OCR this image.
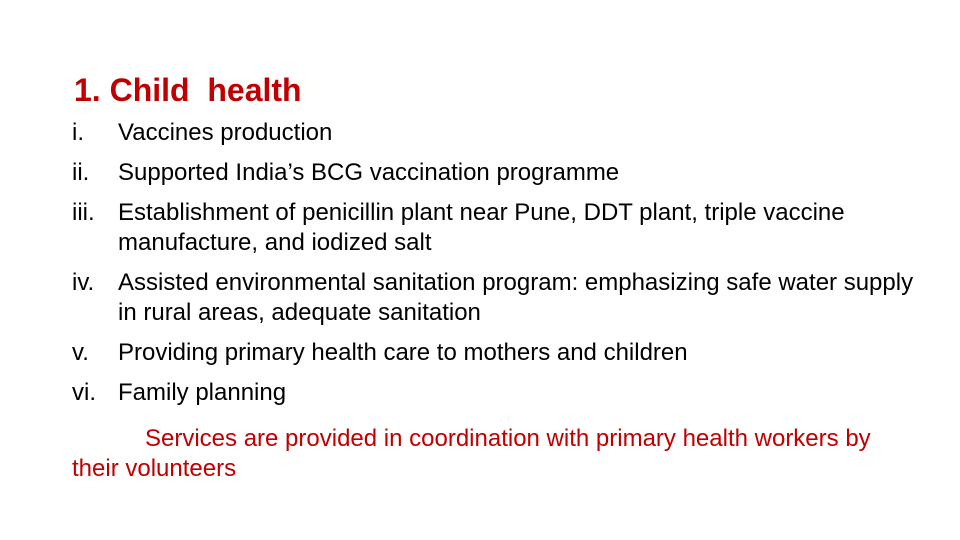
1. Child  health
i. Vaccines production
ii. Supported India’s BCG vaccination programme
iii. Establishment of penicillin plant near Pune, DDT plant, triple vaccine manufacture, and iodized salt
iv. Assisted environmental sanitation program: emphasizing safe water supply in rural areas, adequate sanitation
v. Providing primary health care to mothers and children
vi. Family planning

Services are provided in coordination with primary health workers by their volunteers
